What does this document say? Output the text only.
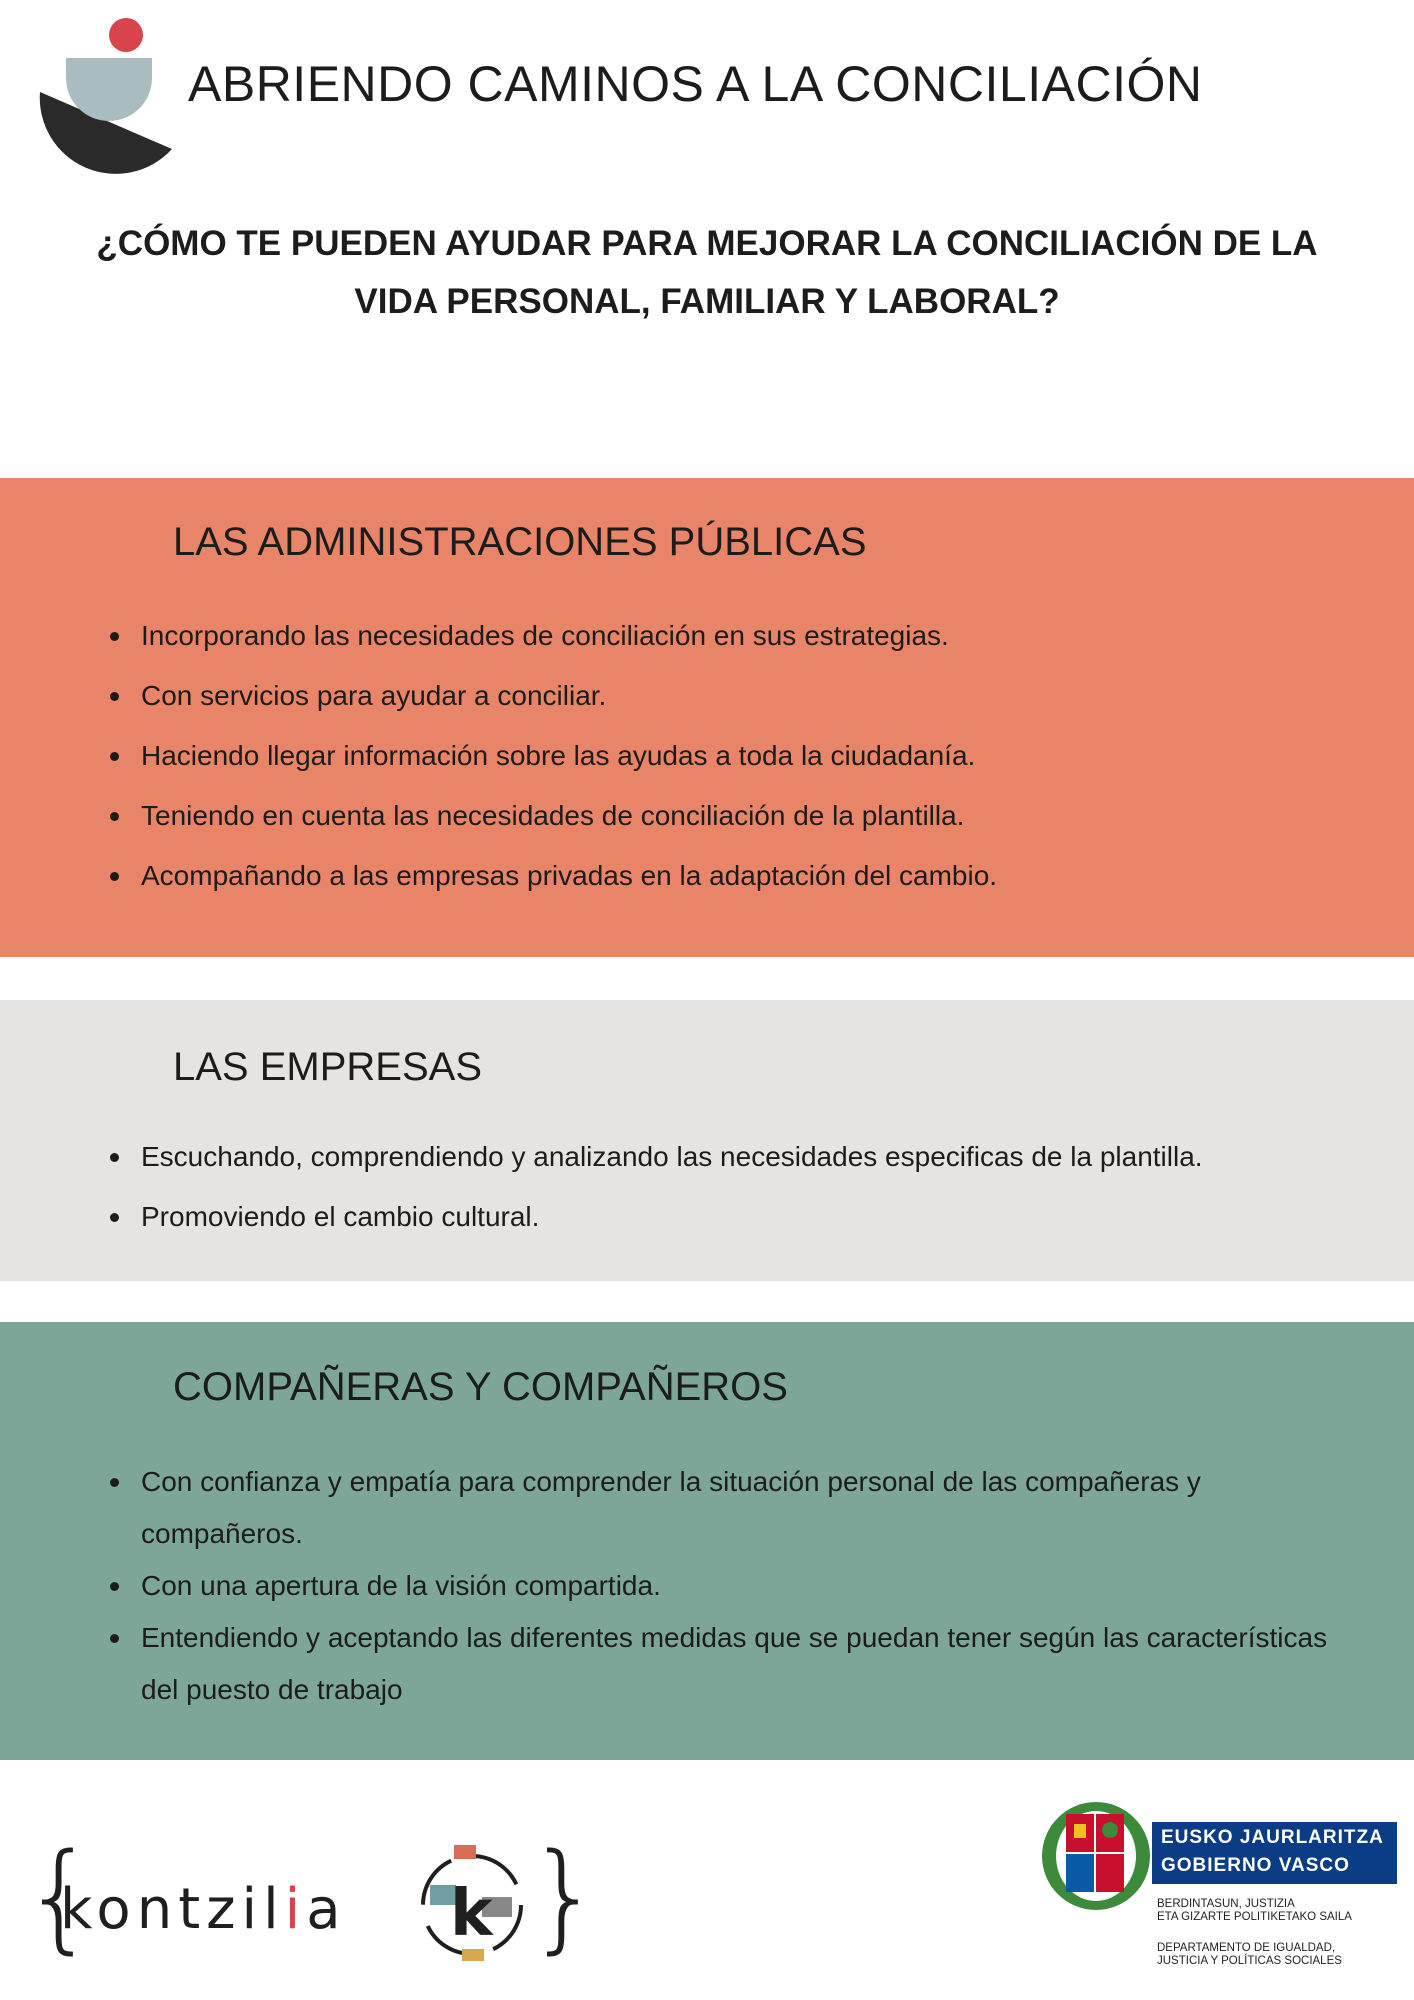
ABRIENDO CAMINOS A LA CONCILIACIÓN
¿CÓMO TE PUEDEN AYUDAR PARA MEJORAR LA CONCILIACIÓN DE LA
VIDA PERSONAL, FAMILIAR Y LABORAL?
LAS ADMINISTRACIONES PÚBLICAS
Incorporando las necesidades de conciliación en sus estrategias.
Con servicios para ayudar a conciliar.
Haciendo llegar información sobre las ayudas a toda la ciudadanía.
Teniendo en cuenta las necesidades de conciliación de la plantilla.
Acompañando a las empresas privadas en la adaptación del cambio.
LAS EMPRESAS
Escuchando, comprendiendo y analizando las necesidades especificas de la plantilla.
Promoviendo el cambio cultural.
COMPAÑERAS Y COMPAÑEROS
Con confianza y empatía para comprender la situación personal de las compañeras y compañeros.
Con una apertura de la visión compartida.
Entendiendo y aceptando las diferentes medidas que se puedan tener según las características del puesto de trabajo
{
kontzilia k }	EUSKO JAURLARITZA
GOBIERNO VASCO
BERDINTASUN, JUSTIZIA
ETA GIZARTE POLITIKETAKO SAILA
DEPARTAMENTO DE IGUALDAD,
JUSTICIA Y POLÍTICAS SOCIALES
